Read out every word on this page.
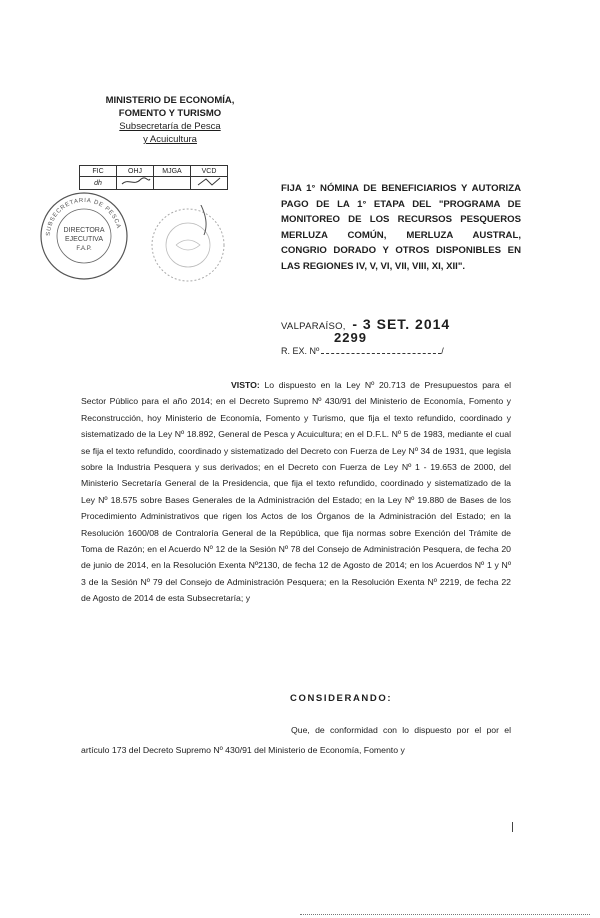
MINISTERIO DE ECONOMÍA,
FOMENTO Y TURISMO
Subsecretaría de Pesca
y Acuicultura
FIC	OHJ	MJGA	VCD
dh			
SUBSECRETARIA DE PESCA
DIRECTORA
EJECUTIVA
F.A.P.
FIJA 1° NÓMINA DE BENEFICIARIOS Y AUTORIZA
PAGO DE LA 1° ETAPA DEL "PROGRAMA DE
MONITOREO DE LOS RECURSOS PESQUEROS
MERLUZA COMÚN, MERLUZA AUSTRAL,
CONGRIO DORADO Y OTROS DISPONIBLES EN
LAS REGIONES IV, V, VI, VII, VIII, XI, XII".
VALPARAÍSO, - 3 SET. 2014
R. EX. Nº	/
2299
VISTO: Lo dispuesto en la Ley Nº 20.713 de Presupuestos para el Sector Público para el año 2014; en el Decreto Supremo Nº 430/91 del Ministerio de Economía, Fomento y Reconstrucción, hoy Ministerio de Economía, Fomento y Turismo, que fija el texto refundido, coordinado y sistematizado de la Ley Nº 18.892, General de Pesca y Acuicultura; en el D.F.L. Nº 5 de 1983, mediante el cual se fija el texto refundido, coordinado y sistematizado del Decreto con Fuerza de Ley Nº 34 de 1931, que legisla sobre la Industria Pesquera y sus derivados; en el Decreto con Fuerza de Ley Nº 1 - 19.653 de 2000, del Ministerio Secretaría General de la Presidencia, que fija el texto refundido, coordinado y sistematizado de la Ley Nº 18.575 sobre Bases Generales de la Administración del Estado; en la Ley Nº 19.880 de Bases de los Procedimiento Administrativos que rigen los Actos de los Órganos de la Administración del Estado; en la Resolución 1600/08 de Contraloría General de la República, que fija normas sobre Exención del Trámite de Toma de Razón; en el Acuerdo Nº 12 de la Sesión Nº 78 del Consejo de Administración Pesquera, de fecha 20 de junio de 2014, en la Resolución Exenta Nº2130, de fecha 12 de Agosto de 2014; en los Acuerdos Nº 1 y Nº 3 de la Sesión Nº 79 del Consejo de Administración Pesquera; en la Resolución Exenta Nº 2219, de fecha 22 de Agosto de 2014 de esta Subsecretaría; y
CONSIDERANDO:
Que, de conformidad con lo dispuesto por el por el artículo 173 del Decreto Supremo Nº 430/91 del Ministerio de Economía, Fomento y
